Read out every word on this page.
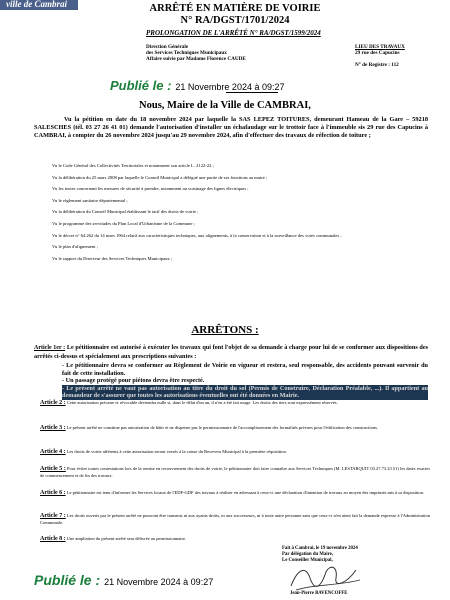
ville de Cambrai	ARRÊTÉ EN MATIÈRE DE VOIRIE
N° RA/DGST/1701/2024
PROLONGATION DE L'ARRÊTÉ N° RA/DGST/1599/2024
Direction Générale
des Services Techniques Municipaux
Affaire suivie par Madame Florence CAUDE
LIEU DES TRAVAUX
29 rue des Capucins
N° de Registre : 112
Publié le : 21 Novembre 2024 à 09:27
Nous, Maire de la Ville de CAMBRAI,
Vu la pétition en date du 18 novembre 2024 par laquelle la SAS LEPEZ TOITURES, demeurant Hameau de la Gare – 59218 SALESCHES (tél. 03 27 26 41 01) demande l'autorisation d'installer un échafaudage sur le trottoir face à l'immeuble sis 29 rue des Capucins à CAMBRAI, à compter du 26 novembre 2024 jusqu'au 29 novembre 2024, afin d'effectuer des travaux de réfection de toiture ;
Vu le Code Général des Collectivités Territoriales et notamment son article L. 2122-22 ;
Vu la délibération du 25 mars 2008 par laquelle le Conseil Municipal a délégué une partie de ses fonctions au maire ;
Vu les textes concernant les mesures de sécurité à prendre, notamment au voisinage des lignes électriques ;
Vu le règlement sanitaire départemental ;
Vu la délibération du Conseil Municipal établissant le tarif des droits de voirie ;
Vu le programme des servitudes du Plan Local d'Urbanisme de la Commune ;
Vu le décret n° 64.262 du 14 mars 1964 relatif aux caractéristiques techniques, aux alignements, à la conservation et à la surveillance des voies communales ;
Vu le plan d'alignement ;
Vu le rapport du Directeur des Services Techniques Municipaux ;
ARRÊTONS :
Article 1er : Le pétitionnaire est autorisé à exécuter les travaux qui font l'objet de sa demande à charge pour lui de se conformer aux dispositions des arrêtés ci-dessus et spécialement aux prescriptions suivantes :
- Le pétitionnaire devra se conformer au Règlement de Voirie en vigueur et restera, seul responsable, des accidents pouvant survenir du fait de cette installation.
- Un passage protégé pour piétons devra être respecté.
- Le présent arrêté ne vaut pas autorisation au titre du droit du sol (Permis de Construire, Déclaration Préalable, ...). Il appartient au demandeur de s'assurer que toutes les autorisations éventuelles ont été données en Mairie.
Article 2 : Cette autorisation précaire et révocable deviendra nulle si, dans le délai d'un an, il n'en a été fait usage. Les droits des tiers sont expressément réservés.
Article 3 : Le présent arrêté ne constitue pas autorisation de bâtir et ne dispense pas le permissionnaire de l'accomplissement des formalités prévues pour l'édification des constructions.
Article 4 : Les droits de voirie afférents à cette autorisation seront versés à la caisse du Receveur Municipal à la première réquisition.
Article 5 : Pour éviter toutes contestations lors de la remise en recouvrement des droits de voirie, le pétitionnaire doit faire connaître aux Services Techniques (M. LESTARQUIT 03.27.73.23.51) les dates exactes de commencement et de fin des travaux.
Article 6 : Le pétitionnaire est tenu d'informer les Services locaux de l'EDF-GDF des travaux à réaliser en adressant à ceux-ci une déclaration d'intention de travaux au moyen des imprimés mis à sa disposition.
Article 7 : Les droits ouverts par le présent arrêté ne pourront être transmis ni aux ayants droits, ni aux successeurs, ni à toute autre personne sans que ceux-ci n'en aient fait la demande expresse à l'Administration Communale.
Article 8 : Une ampliation du présent arrêté sera délivrée au permissionnaire.
Fait à Cambrai, le 19 novembre 2024
Par délégation du Maire,
Le Conseiller Municipal,
Jean-Pierre BAVENCOFFE
Publié le : 21 Novembre 2024 à 09:27
